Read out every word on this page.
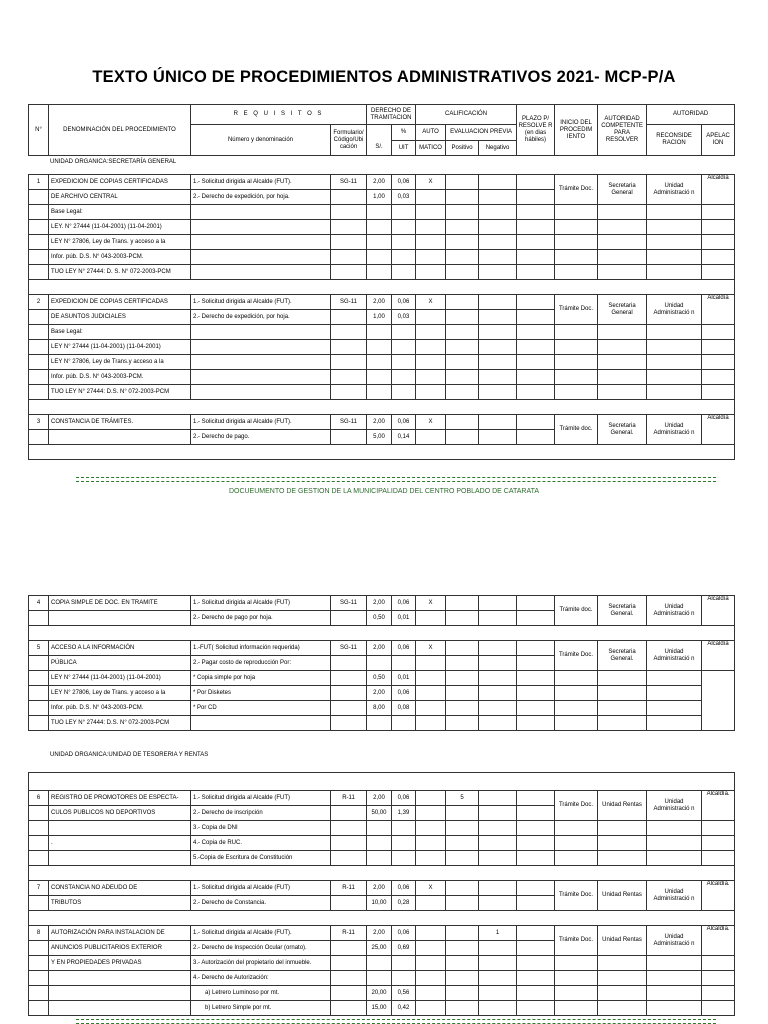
TEXTO ÚNICO DE PROCEDIMIENTOS ADMINISTRATIVOS 2021- MCP-P/A
N°	DENOMINACIÓN DEL PROCEDIMIENTO	R E Q U I S I T O S		DERECHO DE TRAMITACION		CALIFICACIÓN			PLAZO P/ RESOLVE R (en dias hábiles)	INICIO DEL PROCEDIM IENTO	AUTORIDAD COMPETENTE PARA RESOLVER	AUTORIDAD	
		Número y denominación	Formulario/ Código/Ubi cación		%	AUTO	EVALUACION PREVIA					RECONSIDE RACION	APELAC ION
				S/.	UIT	MATICO	Positivo	Negativo					
UNIDAD ORGANICA:SECRETARÍA GENERAL
1	EXPEDICION DE COPIAS CERTIFICADAS	1.- Solicitud dirigida al Alcalde (FUT).	SG-11	2,00	0,06	X				Trámite Doc.	Secretaria General	Unidad Administració n	Alcaldía
	DE ARCHIVO CENTRAL	2.- Derecho de expedición, por hoja.		1,00	0,03								
	Base Legal:												
	LEY. N° 27444 (11-04-2001) (11-04-2001)												
	LEY N° 27806, Ley de Trans. y acceso a la												
	Infor. púb. D.S. N° 043-2003-PCM.												
	TUO LEY N° 27444: D. S. N° 072-2003-PCM												

2	EXPEDICION DE COPIAS CERTIFICADAS	1.- Solicitud dirigida al Alcalde (FUT).	SG-11	2,00	0,06	X				Trámite Doc.	Secretaria General	Unidad Administració n	Alcaldía
	DE ASUNTOS JUDICIALES	2.- Derecho de expedición, por hoja.		1,00	0,03								
	Base Legal:												
	LEY N° 27444 (11-04-2001) (11-04-2001)												
	LEY N° 27806, Ley de Trans.y acceso a la												
	Infor. púb. D.S. N° 043-2003-PCM.												
	TUO LEY N° 27444: D.S. N° 072-2003-PCM												

3	CONSTANCIA DE TRÁMITES.	1.- Solicitud dirigida al Alcalde (FUT).	SG-11	2,00	0,06	X				Trámite doc.	Secretaria General.	Unidad Administració n	Alcaldía
		2.- Derecho de pago.		5,00	0,14								

DOCUEUMENTO DE GESTION DE LA MUNICIPALIDAD DEL CENTRO POBLADO DE CATARATA
4	COPIA SIMPLE DE DOC. EN TRAMITE	1.- Solicitud dirigida al Alcalde (FUT)	SG-11	2,00	0,06	X				Trámite doc.	Secretaria General.	Unidad Administració n	Alcaldía
		2.- Derecho de pago por hoja.		0,50	0,01								

5	ACCESO A LA INFORMACIÓN	1.-FUT( Solicitud información requerida)	SG-11	2,00	0,06	X				Trámite Doc.	Secretaria General.	Unidad Administració n	Alcaldía
	PÚBLICA	2.- Pagar costo de reproducción Por:											
	LEY N° 27444 (11-04-2001) (11-04-2001)	* Copia simple por hoja		0,50	0,01								
	LEY N° 27806, Ley de Trans. y acceso a la	* Por Disketes		2,00	0,06								
	Infor. púb. D.S. N° 043-2003-PCM.	* Por CD		8,00	0,08								
	TUO LEY N° 27444: D.S. N° 072-2003-PCM												
UNIDAD ORGANICA:UNIDAD DE TESORERIA Y RENTAS

6	REGISTRO DE PROMOTORES DE ESPECTA-	1.- Solicitud dirigida al Alcalde (FUT)	R-11	2,00	0,06		5			Trámite Doc.	Unidad Rentas	Unidad Administració n	Alcaldía.
	CULOS PUBLICOS NO DEPORTIVOS	2.- Derecho de inscripción		50,00	1,39								
		3.- Copia de DNI											
	.	4.- Copia de RUC.											
		5.-Copia de Escritura de Constitución											

7	CONSTANCIA NO ADEUDO DE	1.- Solicitud dirigida al Alcalde (FUT)	R-11	2,00	0,06	X				Trámite Doc.	Unidad Rentas	Unidad Administració n	Alcaldía.
	TRIBUTOS	2.- Derecho de Constancia.		10,00	0,28								

8	AUTORIZACIÓN PARA INSTALACION DE	1.- Solicitud dirigida al Alcalde (FUT).	R-11	2,00	0,06			1		Trámite Doc.	Unidad Rentas	Unidad Administració n	Alcaldía.
	ANUNCIOS PUBLICITARIOS EXTERIOR	2.- Derecho de Inspección Ocular (ornato).		25,00	0,69								
	Y EN PROPIEDADES PRIVADAS	3.- Autorización del propietario del inmueble.											
		4.- Derecho de Autorización:											
		a) Letrero Luminoso por mt.		20,00	0,56								
		b) Letrero Simple por mt.		15,00	0,42								
